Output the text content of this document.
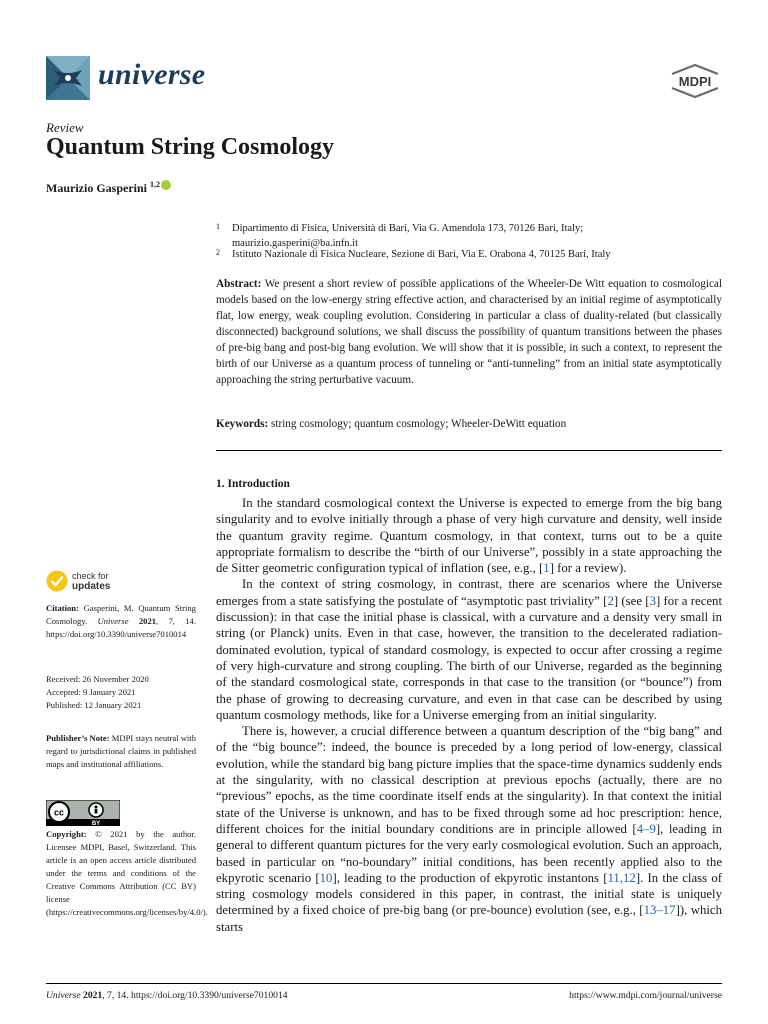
universe	MDPI
Review
Quantum String Cosmology
Maurizio Gasperini $^{1,2}$
1 Dipartimento di Fisica, Università di Bari, Via G. Amendola 173, 70126 Bari, Italy;
maurizio.gasperini@ba.infn.it
2 Istituto Nazionale di Fisica Nucleare, Sezione di Bari, Via E. Orabona 4, 70125 Bari, Italy
Abstract: We present a short review of possible applications of the Wheeler-De Witt equation to cosmological models based on the low-energy string effective action, and characterised by an initial regime of asymptotically flat, low energy, weak coupling evolution. Considering in particular a class of duality-related (but classically disconnected) background solutions, we shall discuss the possibility of quantum transitions between the phases of pre-big bang and post-big bang evolution. We will show that it is possible, in such a context, to represent the birth of our Universe as a quantum process of tunneling or “anti-tunneling” from an initial state asymptotically approaching the string perturbative vacuum.
Keywords: string cosmology; quantum cosmology; Wheeler-DeWitt equation
1. Introduction

In the standard cosmological context the Universe is expected to emerge from the big bang singularity and to evolve initially through a phase of very high curvature and density, well inside the quantum gravity regime. Quantum cosmology, in that context, turns out to be a quite appropriate formalism to describe the “birth of our Universe”, possibly in a state approaching the de Sitter geometric configuration typical of inflation (see, e.g., [1] for a review).

In the context of string cosmology, in contrast, there are scenarios where the Universe emerges from a state satisfying the postulate of “asymptotic past triviality” [2] (see [3] for a recent discussion): in that case the initial phase is classical, with a curvature and a density very small in string (or Planck) units. Even in that case, however, the transition to the decelerated radiation-dominated evolution, typical of standard cosmology, is expected to occur after crossing a regime of very high-curvature and strong coupling. The birth of our Universe, regarded as the beginning of the standard cosmological state, corresponds in that case to the transition (or “bounce”) from the phase of growing to decreasing curvature, and even in that case can be described by using quantum cosmology methods, like for a Universe emerging from an initial singularity.

There is, however, a crucial difference between a quantum description of the “big bang” and of the “big bounce”: indeed, the bounce is preceded by a long period of low-energy, classical evolution, while the standard big bang picture implies that the space-time dynamics suddenly ends at the singularity, with no classical description at previous epochs (actually, there are no “previous” epochs, as the time coordinate itself ends at the singularity). In that context the initial state of the Universe is unknown, and has to be fixed through some ad hoc prescription: hence, different choices for the initial boundary conditions are in principle allowed [4–9], leading in general to different quantum pictures for the very early cosmological evolution. Such an approach, based in particular on “no-boundary” initial conditions, has been recently applied also to the ekpyrotic scenario [10], leading to the production of ekpyrotic instantons [11,12]. In the class of string cosmology models considered in this paper, in contrast, the initial state is uniquely determined by a fixed choice of pre-big bang (or pre-bounce) evolution (see, e.g., [13–17]), which starts

check for
updates
Citation: Gasperini, M. Quantum String Cosmology. Universe 2021, 7, 14. https://doi.org/10.3390/universe7010014
Received: 26 November 2020
Accepted: 9 January 2021
Published: 12 January 2021
Publisher’s Note: MDPI stays neutral with regard to jurisdictional claims in published maps and institutional affiliations.
cc
BY
Copyright: © 2021 by the author. Licensee MDPI, Basel, Switzerland. This article is an open access article distributed under the terms and conditions of the Creative Commons Attribution (CC BY) license (https://creativecommons.org/licenses/by/4.0/).
Universe 2021, 7, 14. https://doi.org/10.3390/universe7010014	https://www.mdpi.com/journal/universe
